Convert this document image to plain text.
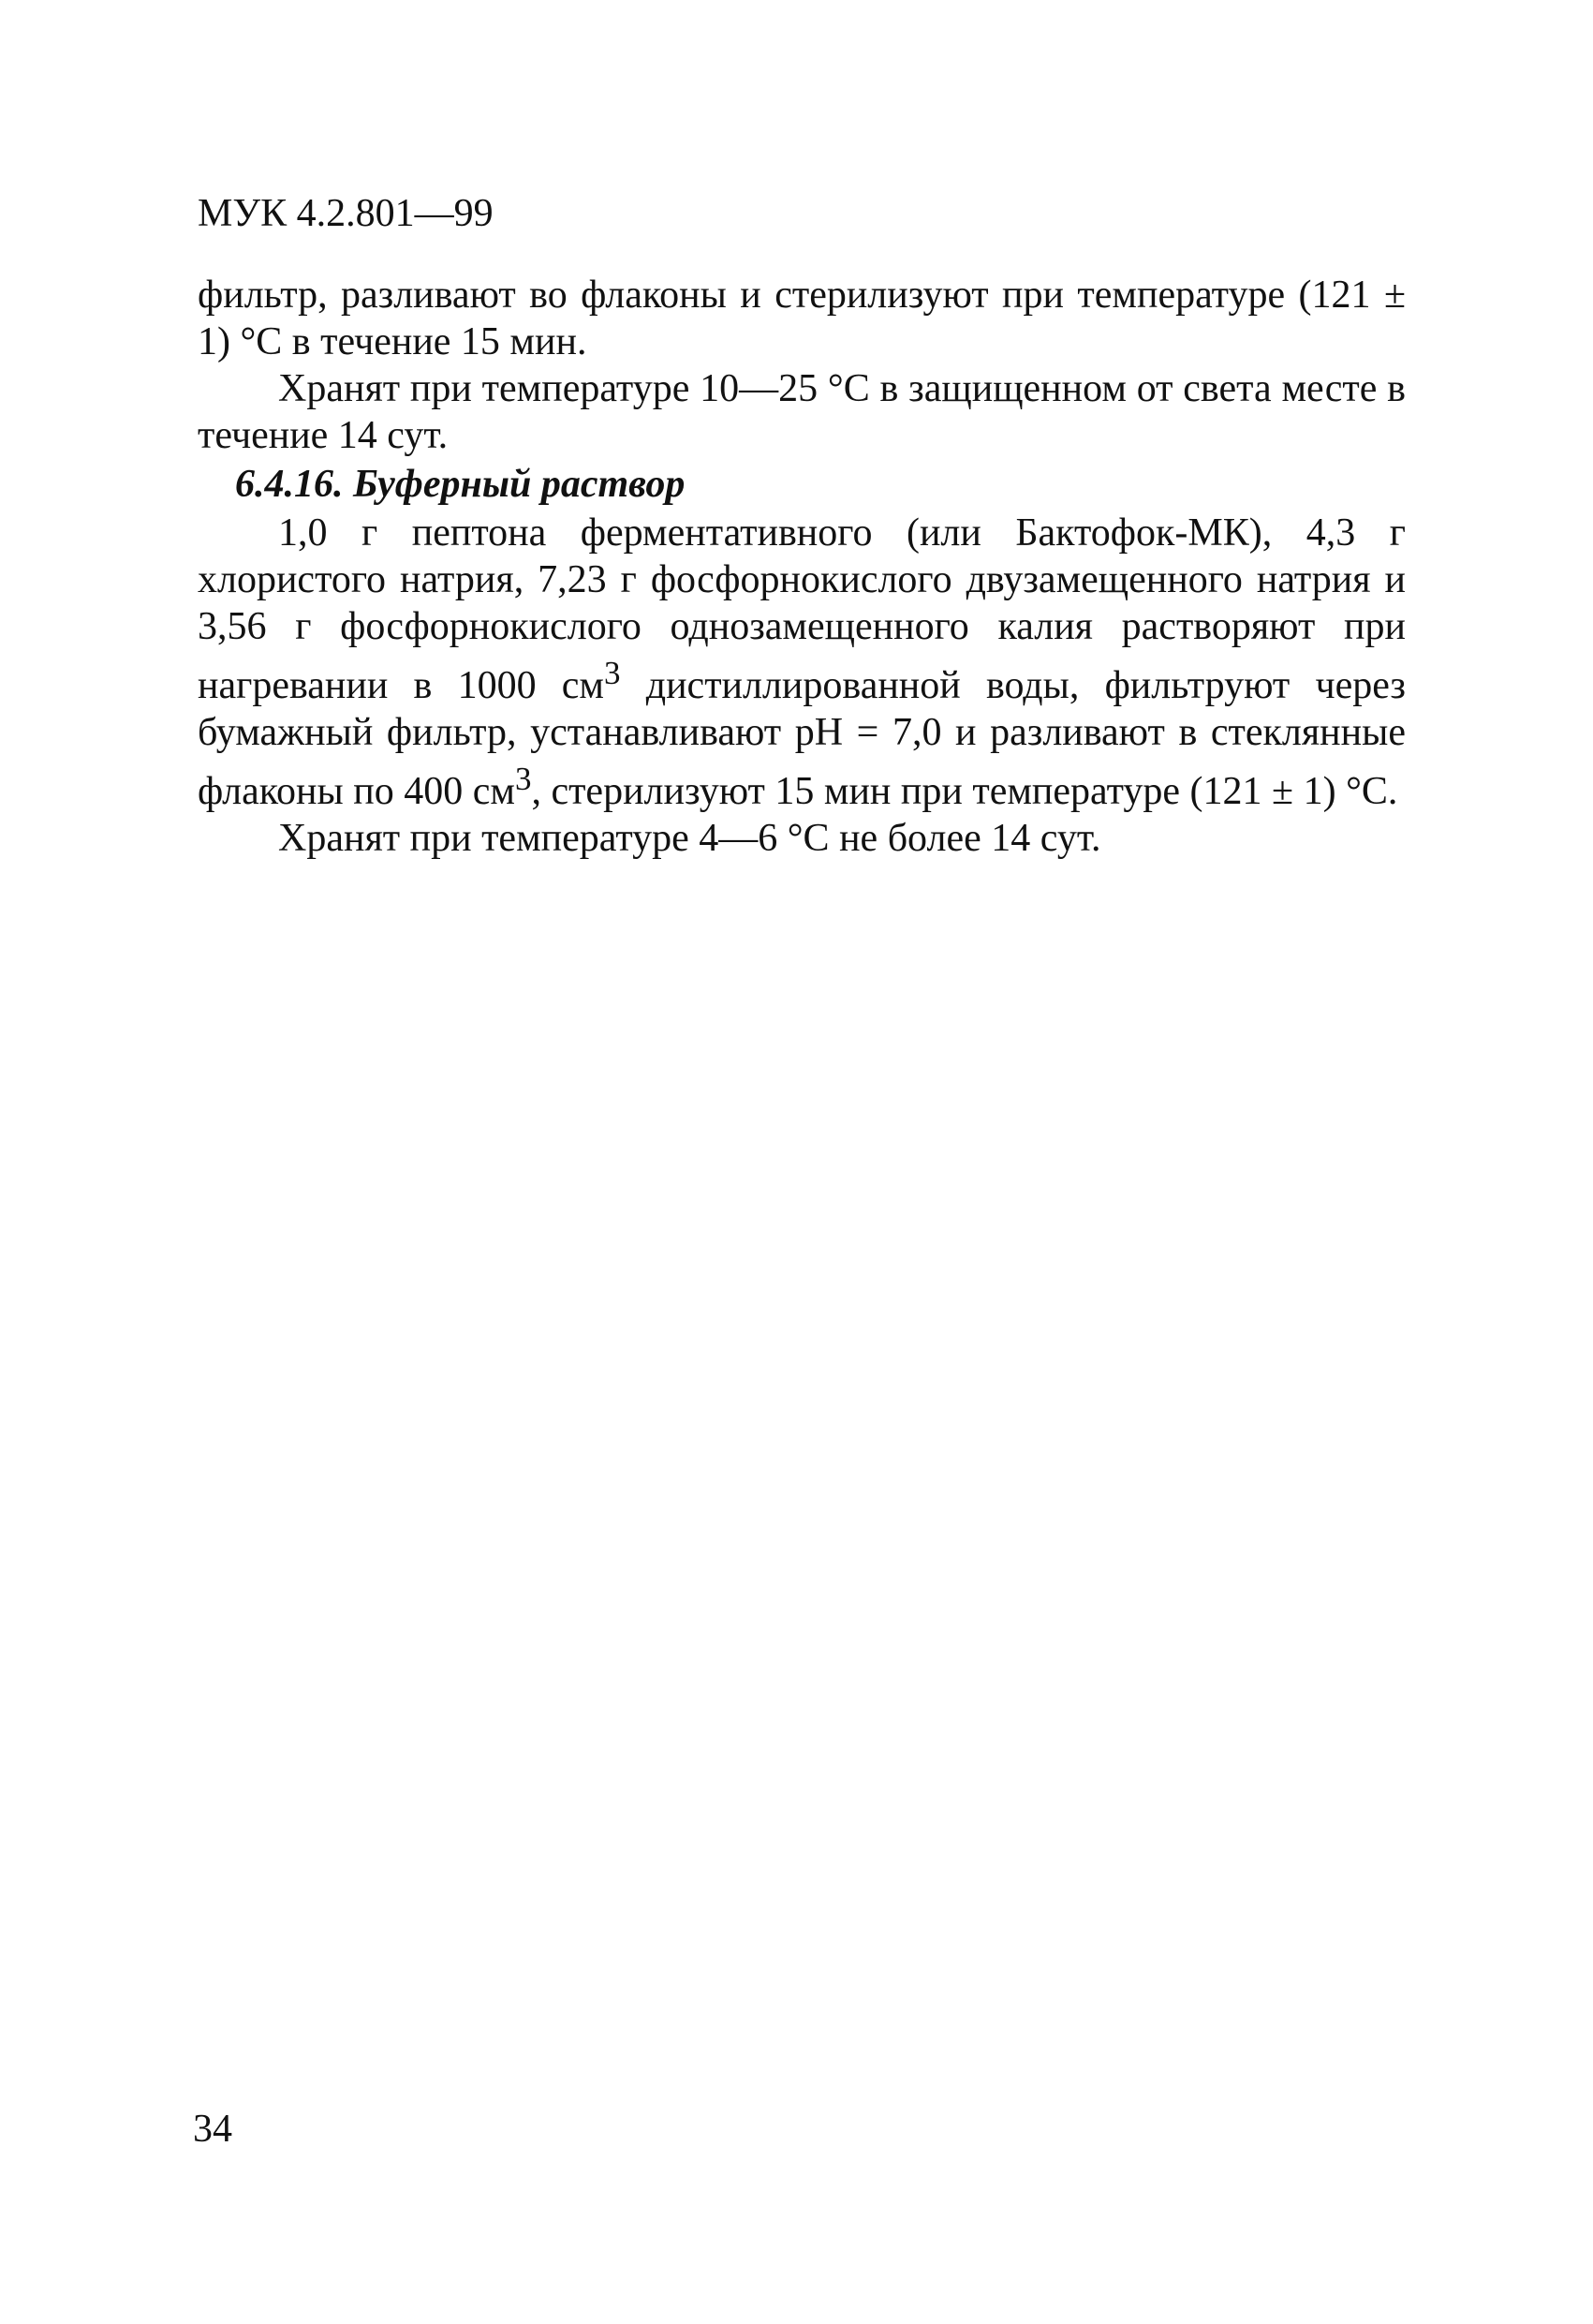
МУК 4.2.801—99

фильтр, разливают во флаконы и стерилизуют при температуре (121 ± 1) °С в течение 15 мин.

Хранят при температуре 10—25 °С в защищенном от света месте в течение 14 сут.

6.4.16. Буферный раствор

1,0 г пептона ферментативного (или Бактофок-МК), 4,3 г хлористого натрия, 7,23 г фосфорнокислого двузамещенного натрия и 3,56 г фосфорнокислого однозамещенного калия растворяют при нагревании в 1000 $см^3$ дистиллированной воды, фильтруют через бумажный фильтр, устанавливают рН = 7,0 и разливают в стеклянные флаконы по 400 $см^3$, стерилизуют 15 мин при температуре (121 ± 1) °С.

Хранят при температуре 4—6 °С не более 14 сут.

34
